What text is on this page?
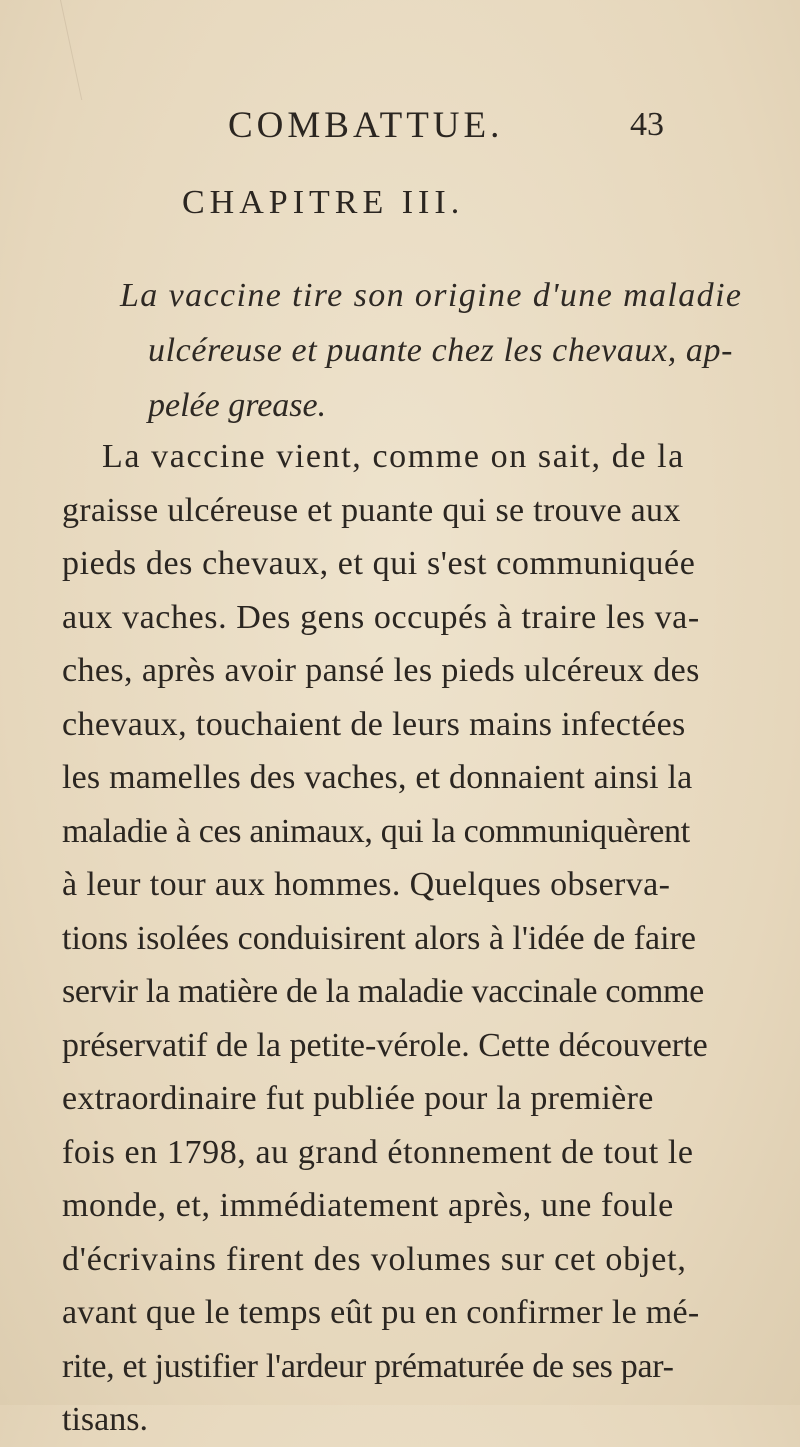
COMBATTUE.	43
CHAPITRE III.
La vaccine tire son origine d'une maladie
ulcéreuse et puante chez les chevaux, ap-
pelée grease.
La vaccine vient, comme on sait, de la
graisse ulcéreuse et puante qui se trouve aux
pieds des chevaux, et qui s'est communiquée
aux vaches. Des gens occupés à traire les va-
ches, après avoir pansé les pieds ulcéreux des
chevaux, touchaient de leurs mains infectées
les mamelles des vaches, et donnaient ainsi la
maladie à ces animaux, qui la communiquèrent
à leur tour aux hommes. Quelques observa-
tions isolées conduisirent alors à l'idée de faire
servir la matière de la maladie vaccinale comme
préservatif de la petite-vérole. Cette découverte
extraordinaire fut publiée pour la première
fois en 1798, au grand étonnement de tout le
monde, et, immédiatement après, une foule
d'écrivains firent des volumes sur cet objet,
avant que le temps eût pu en confirmer le mé-
rite, et justifier l'ardeur prématurée de ses par-
tisans.
